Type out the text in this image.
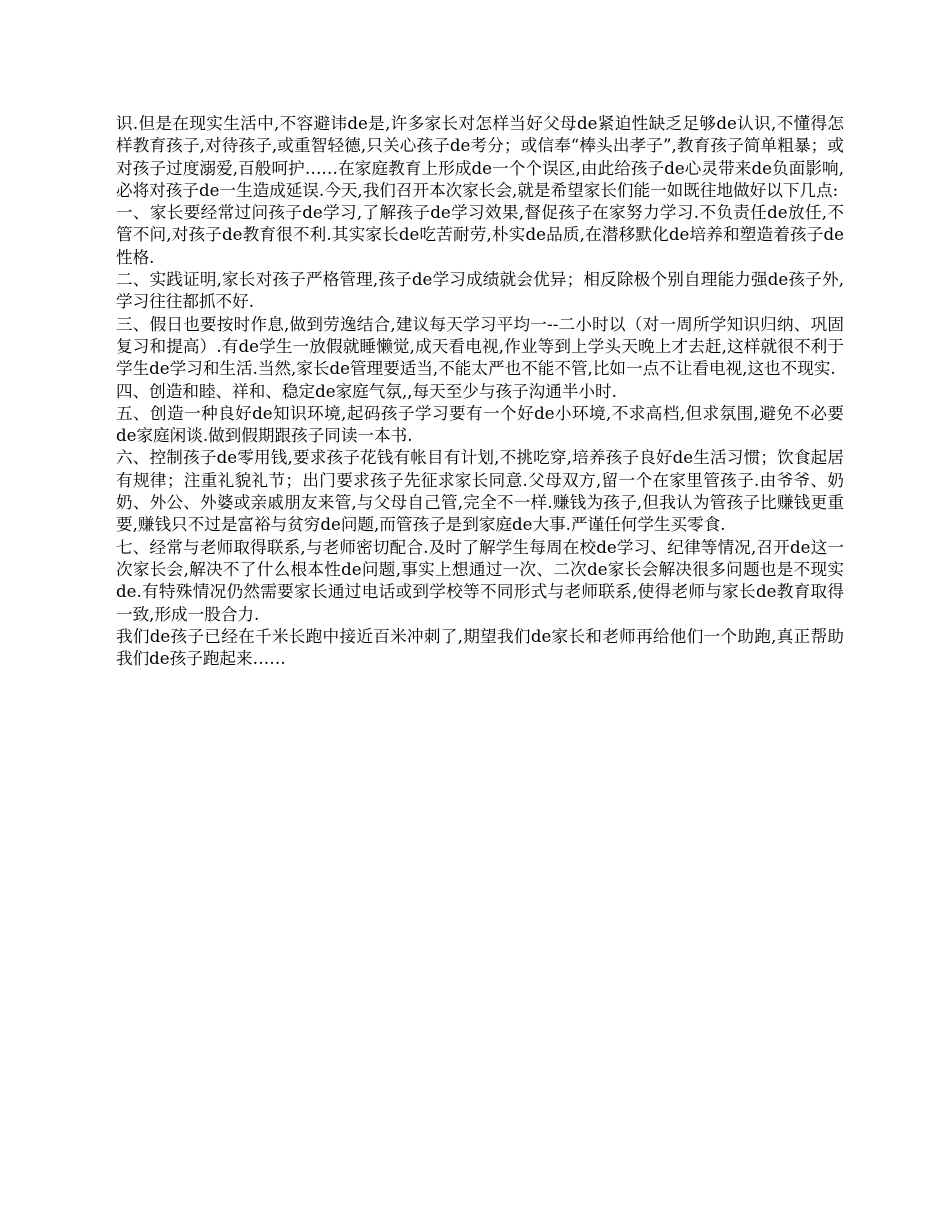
识.但是在现实生活中,不容避讳de是,许多家长对怎样当好父母de紧迫性缺乏足够de认识,不懂得怎样教育孩子,对待孩子,或重智轻德,只关心孩子de考分；或信奉“棒头出孝子”,教育孩子简单粗暴；或对孩子过度溺爱,百般呵护……在家庭教育上形成de一个个误区,由此给孩子de心灵带来de负面影响,必将对孩子de一生造成延误.今天,我们召开本次家长会,就是希望家长们能一如既往地做好以下几点:

一、家长要经常过问孩子de学习,了解孩子de学习效果,督促孩子在家努力学习.不负责任de放任,不管不问,对孩子de教育很不利.其实家长de吃苦耐劳,朴实de品质,在潜移默化de培养和塑造着孩子de性格.

二、实践证明,家长对孩子严格管理,孩子de学习成绩就会优异；相反除极个别自理能力强de孩子外,学习往往都抓不好.

三、假日也要按时作息,做到劳逸结合,建议每天学习平均一--二小时以（对一周所学知识归纳、巩固复习和提高）.有de学生一放假就睡懒觉,成天看电视,作业等到上学头天晚上才去赶,这样就很不利于学生de学习和生活.当然,家长de管理要适当,不能太严也不能不管,比如一点不让看电视,这也不现实.

四、创造和睦、祥和、稳定de家庭气氛,,每天至少与孩子沟通半小时.

五、创造一种良好de知识环境,起码孩子学习要有一个好de小环境,不求高档,但求氛围,避免不必要de家庭闲谈.做到假期跟孩子同读一本书.

六、控制孩子de零用钱,要求孩子花钱有帐目有计划,不挑吃穿,培养孩子良好de生活习惯；饮食起居有规律；注重礼貌礼节；出门要求孩子先征求家长同意.父母双方,留一个在家里管孩子.由爷爷、奶奶、外公、外婆或亲戚朋友来管,与父母自己管,完全不一样.赚钱为孩子,但我认为管孩子比赚钱更重要,赚钱只不过是富裕与贫穷de问题,而管孩子是到家庭de大事.严谨任何学生买零食.

七、经常与老师取得联系,与老师密切配合.及时了解学生每周在校de学习、纪律等情况,召开de这一次家长会,解决不了什么根本性de问题,事实上想通过一次、二次de家长会解决很多问题也是不现实de.有特殊情况仍然需要家长通过电话或到学校等不同形式与老师联系,使得老师与家长de教育取得一致,形成一股合力.

我们de孩子已经在千米长跑中接近百米冲刺了,期望我们de家长和老师再给他们一个助跑,真正帮助我们de孩子跑起来……
